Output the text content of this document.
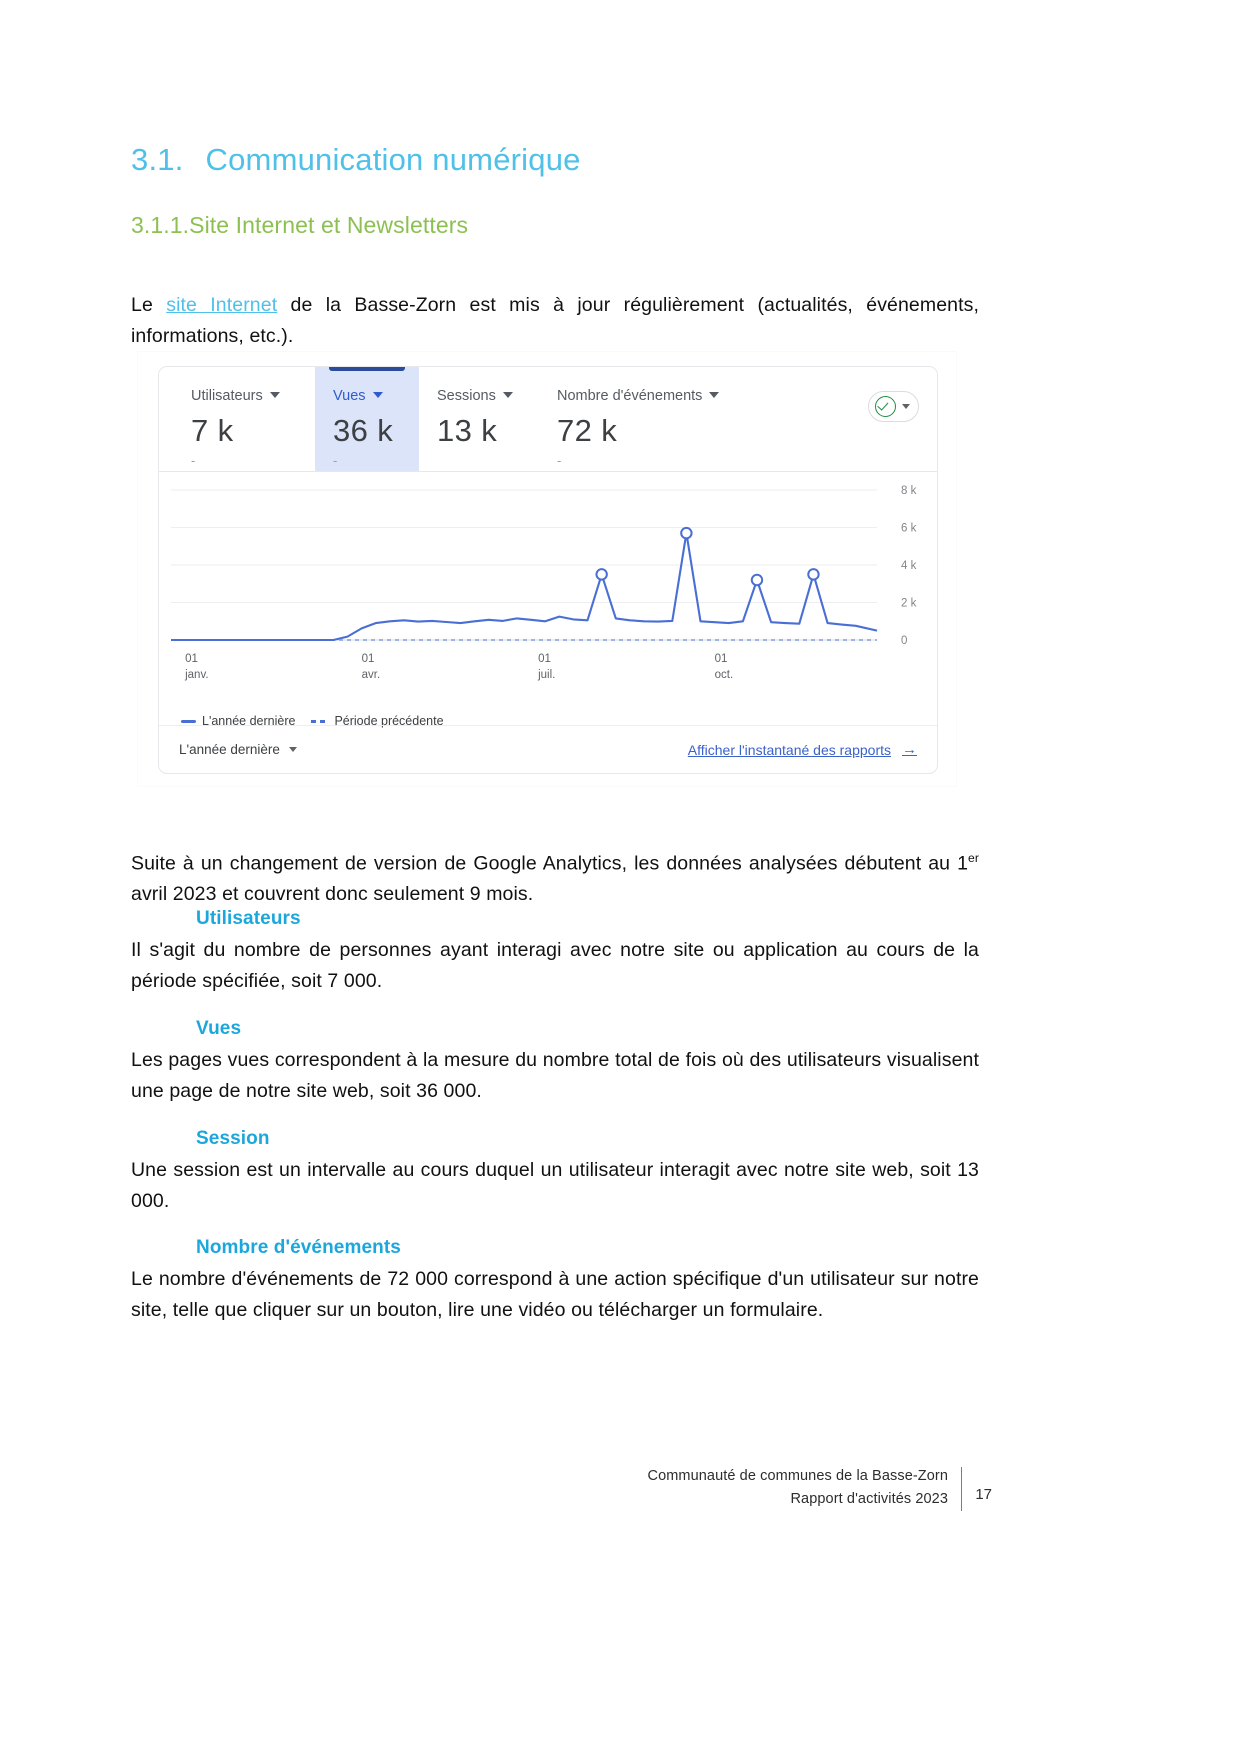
3.1. Communication numérique
3.1.1.Site Internet et Newsletters

Le site Internet de la Basse-Zorn est mis à jour régulièrement (actualités, événements, informations, etc.).

Utilisateurs
7 k
-
Vues
36 k
-
Sessions
13 k
Nombre d'événements
72 k
-
0
2 k
4 k
6 k
8 k
01
janv.
01
avr.
01
juil.
01
oct.
L'année dernière	Période précédente
L'année dernière	Afficher l'instantané des rapports →

Suite à un changement de version de Google Analytics, les données analysées débutent au 1er avril 2023 et couvrent donc seulement 9 mois.

Utilisateurs
Il s'agit du nombre de personnes ayant interagi avec notre site ou application au cours de la période spécifiée, soit 7 000.
Vues
Les pages vues correspondent à la mesure du nombre total de fois où des utilisateurs visualisent une page de notre site web, soit 36 000.
Session
Une session est un intervalle au cours duquel un utilisateur interagit avec notre site web, soit 13 000.
Nombre d'événements
Le nombre d'événements de 72 000 correspond à une action spécifique d'un utilisateur sur notre site, telle que cliquer sur un bouton, lire une vidéo ou télécharger un formulaire.
Communauté de communes de la Basse-Zorn
Rapport d'activités 2023 17
